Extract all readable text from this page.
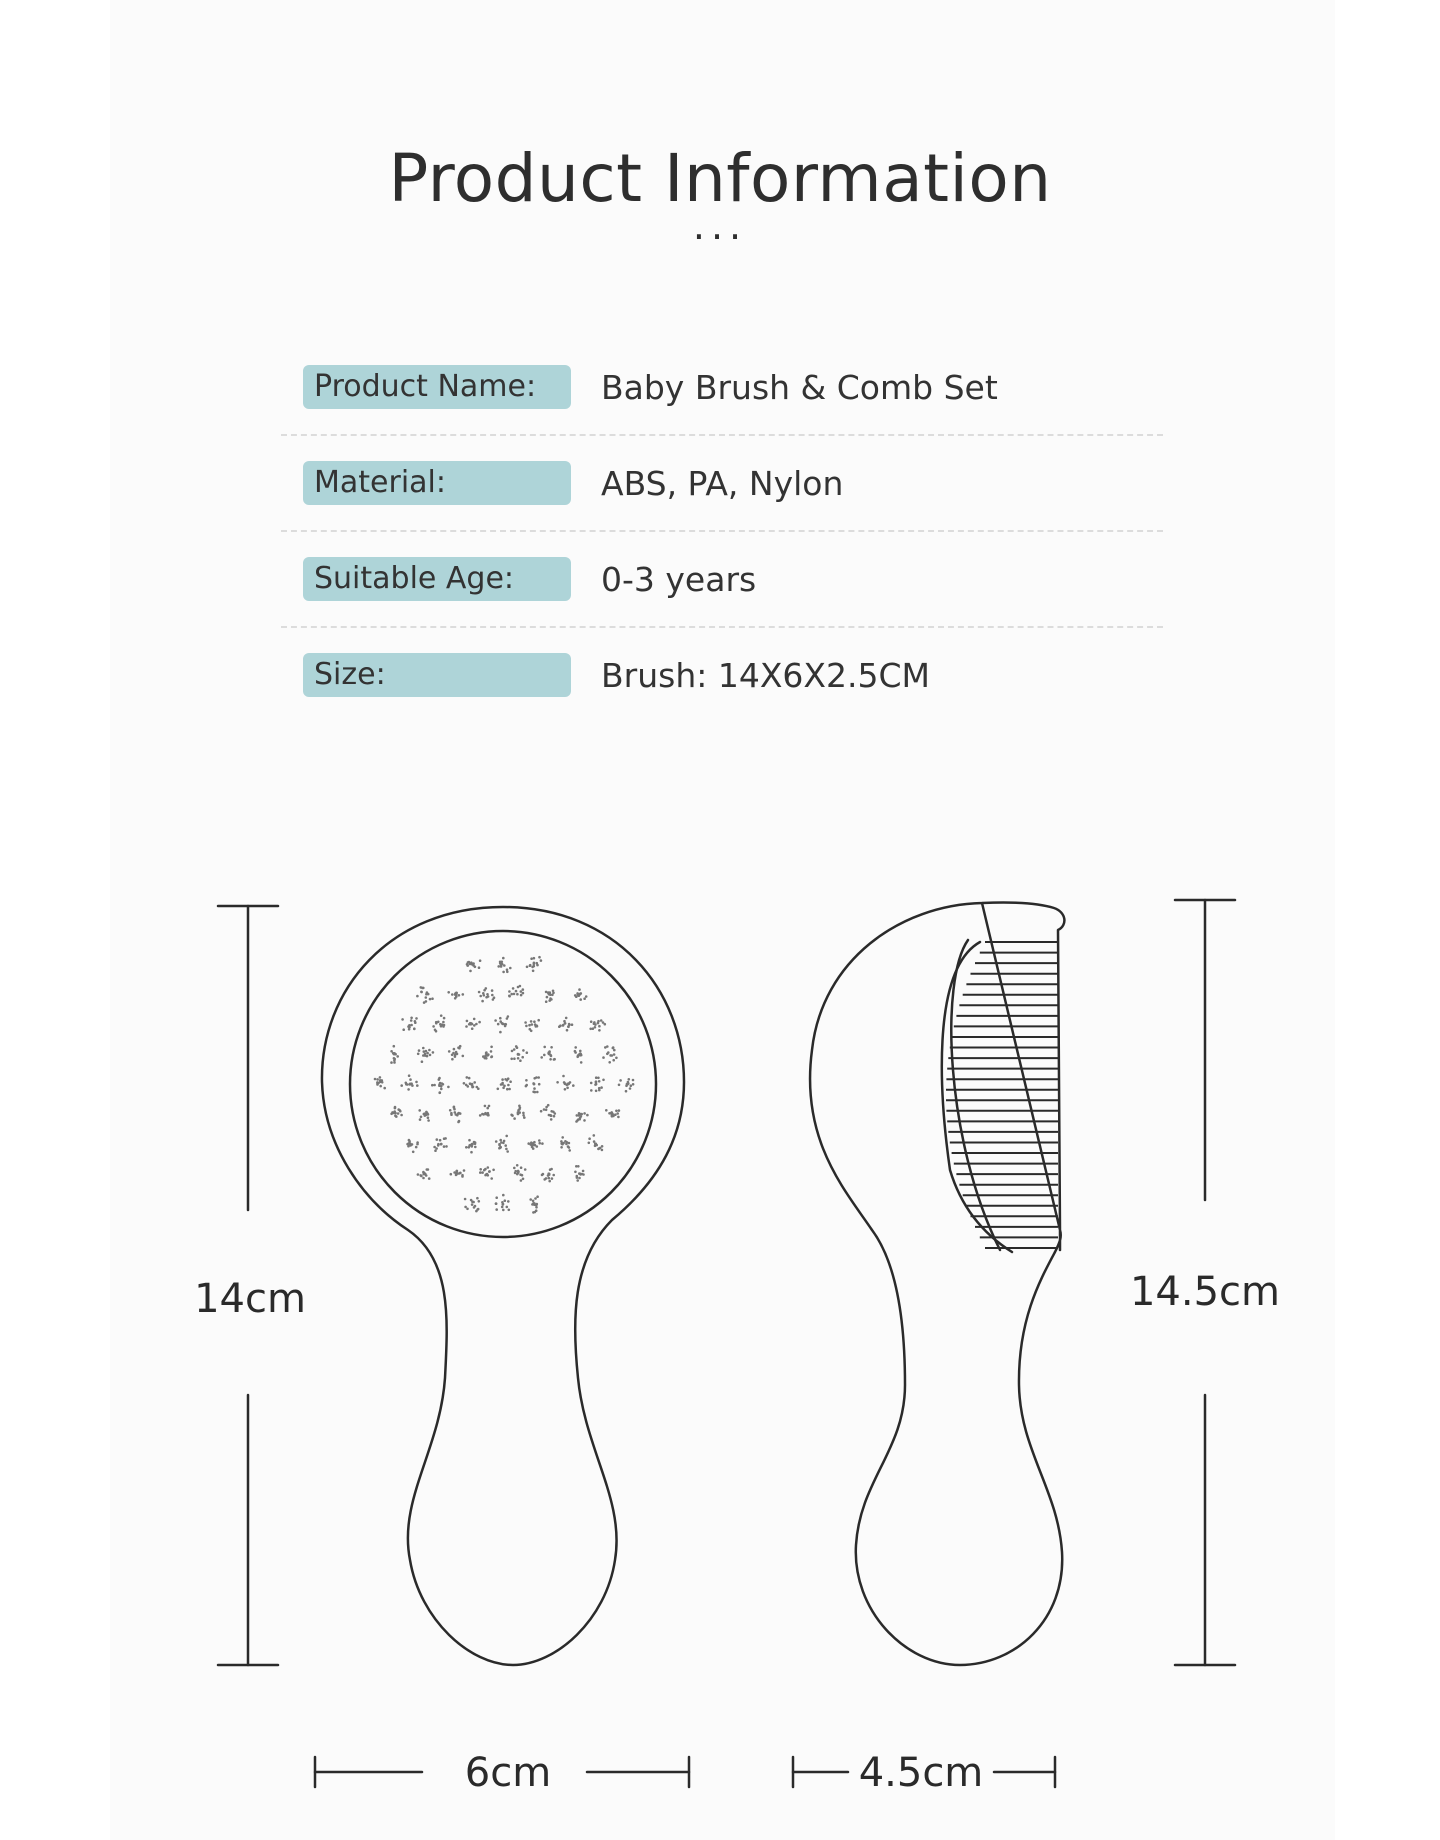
Product Information
···
Product Name:	Baby Brush & Comb Set
Material:	ABS, PA, Nylon
Suitable Age:	0-3 years
Size:	Brush: 14X6X2.5CM
14cm	14.5cm
6cm	4.5cm
